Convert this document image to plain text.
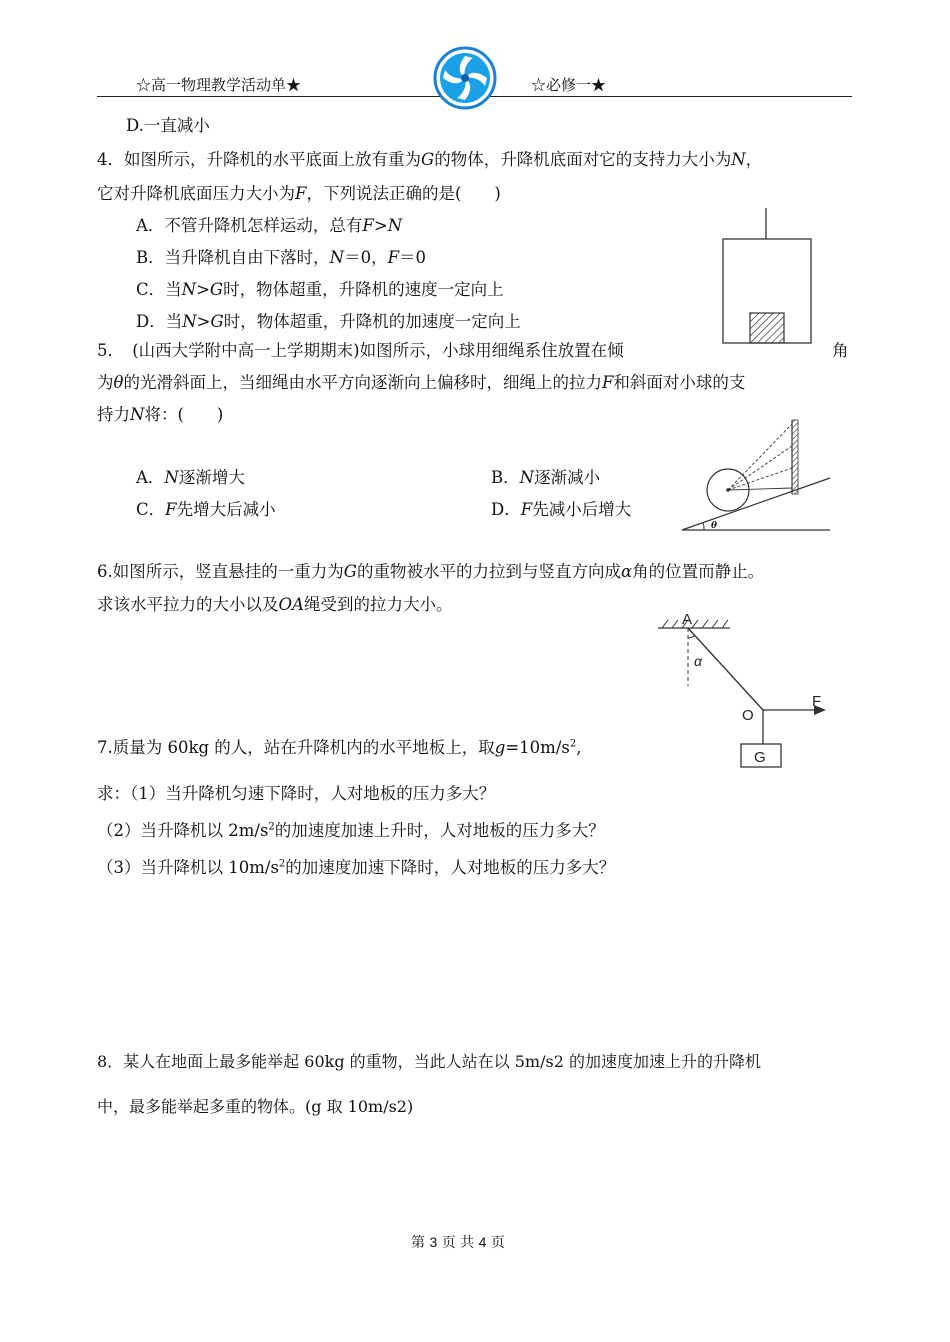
☆高一物理教学活动单★	☆必修一★
D.一直减小
4．如图所示，升降机的水平底面上放有重为G的物体，升降机底面对它的支持力大小为N，
它对升降机底面压力大小为F，下列说法正确的是(　　)
A．不管升降机怎样运动，总有F>N
B．当升降机自由下落时，N＝0，F＝0
C．当N>G时，物体超重，升降机的速度一定向上
D．当N>G时，物体超重，升降机的加速度一定向上
5．　(山西大学附中高一上学期期末)如图所示，小球用细绳系住放置在倾	角
为θ的光滑斜面上，当细绳由水平方向逐渐向上偏移时，细绳上的拉力F和斜面对小球的支
持力N将：(　　)
A．N逐渐增大	B．N逐渐减小
C．F先增大后减小	D．F先减小后增大
θ
6.如图所示，竖直悬挂的一重力为G的重物被水平的力拉到与竖直方向成α角的位置而静止。
求该水平拉力的大小以及OA绳受到的拉力大小。
A
α
O
F
G
7.质量为 60kg 的人，站在升降机内的水平地板上，取$g=10m/s^2$,
求：（1）当升降机匀速下降时，人对地板的压力多大？
（2）当升降机以 $2m/s^2$的加速度加速上升时，人对地板的压力多大？
（3）当升降机以 $10m/s^2$的加速度加速下降时，人对地板的压力多大？
8．某人在地面上最多能举起 60kg 的重物，当此人站在以 5m/s2 的加速度加速上升的升降机
中，最多能举起多重的物体。(g 取 10m/s2)
第 3 页 共 4 页
